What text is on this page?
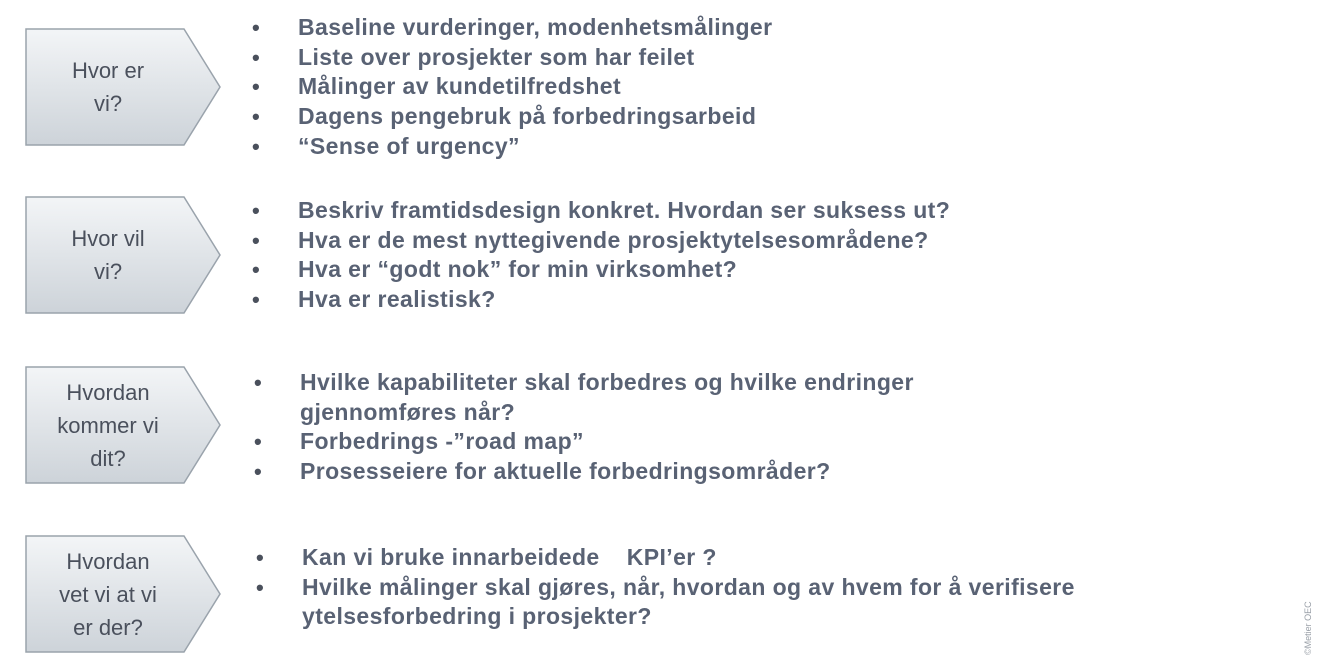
Hvor er
vi?
• Baseline vurderinger, modenhetsmålinger
• Liste over prosjekter som har feilet
• Målinger av kundetilfredshet
• Dagens pengebruk på forbedringsarbeid
• “Sense of urgency”
Hvor vil
vi?
• Beskriv framtidsdesign konkret. Hvordan ser suksess ut?
• Hva er de mest nyttegivende prosjektytelsesområdene?
• Hva er “godt nok” for min virksomhet?
• Hva er realistisk?
Hvordan
kommer vi
dit?
• Hvilke kapabiliteter skal forbedres og hvilke endringer gjennomføres når?
• Forbedrings -”road map”
• Prosesseiere for aktuelle forbedringsområder?
Hvordan
vet vi at vi
er der?
• Kan vi bruke innarbeidede    KPI’er ?
• Hvilke målinger skal gjøres, når, hvordan og av hvem for å verifisere ytelsesforbedring i prosjekter?	©Metier OEC
